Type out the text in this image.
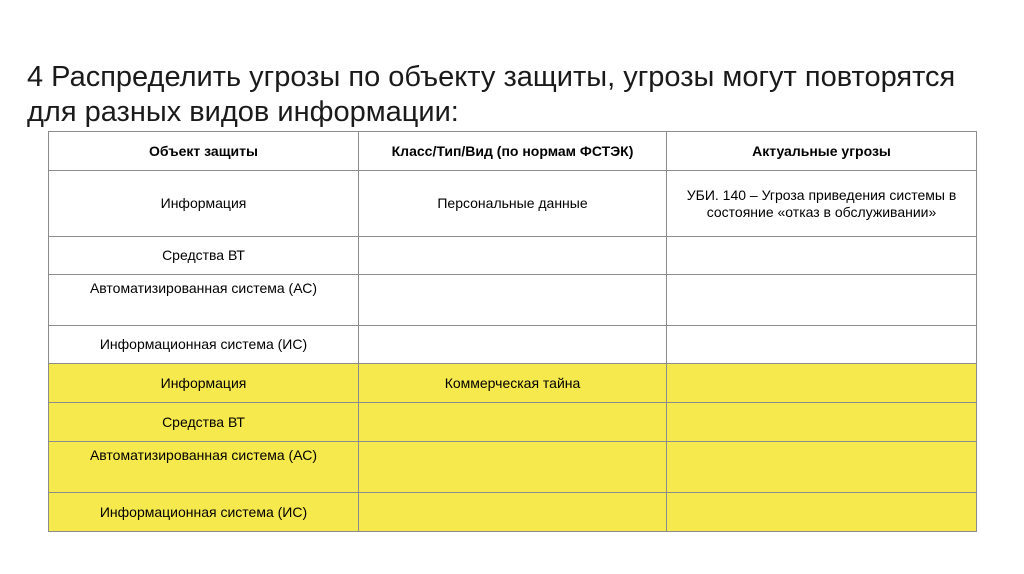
4 Распределить угрозы по объекту защиты, угрозы могут повторятся для разных видов информации:
Объект защиты	Класс/Тип/Вид (по нормам ФСТЭК)	Актуальные угрозы
Информация	Персональные данные	УБИ. 140 – Угроза приведения системы в состояние «отказ в обслуживании»
Средства ВТ		
Автоматизированная система (АС)		
Информационная система (ИС)		
Информация	Коммерческая тайна	
Средства ВТ		
Автоматизированная система (АС)		
Информационная система (ИС)		
